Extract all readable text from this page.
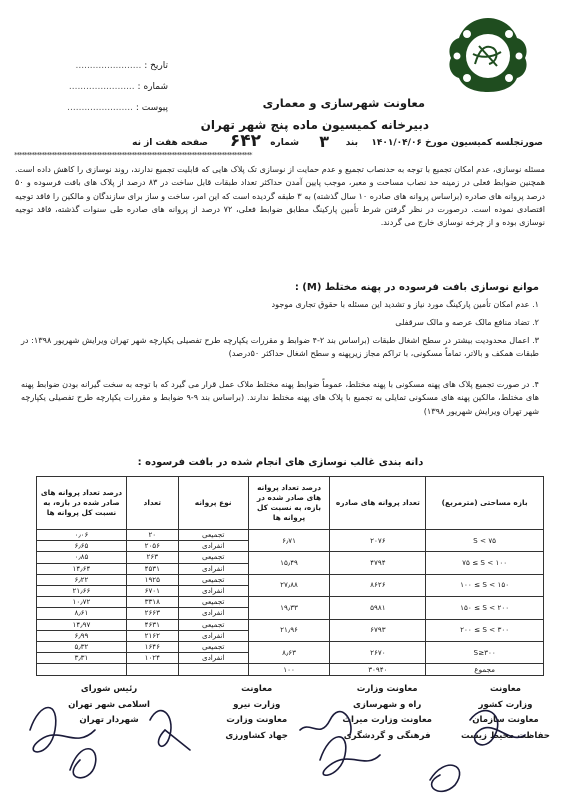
تاریخ : .......................
شماره : .......................
پیوست : .......................	معاونت شهرسازی و معماری
دبیرخانه کمیسیون ماده پنج شهر تهران
صورتجلسه کمیسیون مورخ ۱۴۰۱/۰۴/۰۶
بند
۳
شماره
۶۴۲
صفحه هفت از نه
***********************************************************************************************
مسئله نوسازی، عدم امکان تجمیع با توجه به حدنصاب تجمیع و عدم حمایت از نوسازی تک پلاک هایی که قابلیت تجمیع ندارند، روند نوسازی را کاهش داده است. همچنین ضوابط فعلی در زمینه حد نصاب مساحت و معبر، موجب پایین آمدن حداکثر تعداد طبقات قابل ساخت در ۸۳ درصد از پلاک های بافت فرسوده و ۵۰ درصد پروانه های صادره (براساس پروانه های صادره ۱۰ سال گذشته) به ۳ طبقه گردیده است که این امر، ساخت و ساز برای سازندگان و مالکین را فاقد توجیه اقتصادی نموده است. درصورت در نظر گرفتن شرط تأمین پارکینگ مطابق ضوابط فعلی، ۷۲ درصد از پروانه های صادره طی سنوات گذشته، فاقد توجیه نوسازی بوده و از چرخه نوسازی خارج می گردند.
موانع نوسازی بافت فرسوده در پهنه مختلط (M) :
۱. عدم امکان تأمین پارکینگ مورد نیاز و تشدید این مسئله با حقوق تجاری موجود
۲. تضاد منافع مالک عرصه و مالک سرقفلی
۳. اعمال محدودیت بیشتر در سطح اشغال طبقات (براساس بند ۲-۴ ضوابط و مقررات یکپارچه طرح تفصیلی یکپارچه شهر تهران ویرایش شهریور ۱۳۹۸: در طبقات همکف و بالاتر، تماماً مسکونی، با تراکم مجاز زیرپهنه و سطح اشغال حداکثر ۵۰درصد)
۴. در صورت تجمیع پلاک های پهنه مسکونی با پهنه مختلط، عموماً ضوابط پهنه مختلط ملاک عمل قرار می گیرد که با توجه به سخت گیرانه بودن ضوابط پهنه های مختلط، مالکین پهنه های مسکونی تمایلی به تجمیع با پلاک های پهنه مختلط ندارند. (براساس بند ۹-۹ ضوابط و مقررات یکپارچه طرح تفصیلی یکپارچه شهر تهران ویرایش شهریور ۱۳۹۸)
دانه بندی غالب نوسازی های انجام شده در بافت فرسوده :
بازه مساحتی (مترمربع)	تعداد پروانه های صادره	درصد تعداد پروانه های صادر شده در بازه، به نسبت کل پروانه ها	نوع پروانه	تعداد	درصد تعداد پروانه های صادر شده در بازه، به نسبت کل پروانه ها
S < ۷۵	۲۰۷۶	۶٫۷۱	تجمیعی	۲۰	۰٫۰۶
			انفرادی	۲۰۵۶	۶٫۶۵
۷۵ ≤ S < ۱۰۰	۴۷۹۴	۱۵٫۴۹	تجمیعی	۲۶۳	۰٫۸۵
			انفرادی	۴۵۳۱	۱۴٫۶۴
۱۰۰ ≤ S < ۱۵۰	۸۶۲۶	۲۷٫۸۸	تجمیعی	۱۹۲۵	۶٫۲۲
			انفرادی	۶۷۰۱	۲۱٫۶۶
۱۵۰ ≤ S < ۲۰۰	۵۹۸۱	۱۹٫۳۳	تجمیعی	۳۳۱۸	۱۰٫۷۲
			انفرادی	۲۶۶۳	۸٫۶۱
۲۰۰ ≤ S < ۳۰۰	۶۷۹۳	۲۱٫۹۶	تجمیعی	۴۶۳۱	۱۴٫۹۷
			انفرادی	۲۱۶۲	۶٫۹۹
S≥۳۰۰	۲۶۷۰	۸٫۶۳	تجمیعی	۱۶۴۶	۵٫۳۲
			انفرادی	۱۰۲۴	۳٫۳۱
مجموع	۳۰۹۴۰	۱۰۰			
معاونت
وزارت کشور
معاونت سازمان
حفاظت محیط زیست
معاونت وزارت
راه و شهرسازی
معاونت وزارت میراث
فرهنگی و گردشگری
معاونت
وزارت نیرو
معاونت وزارت
جهاد کشاورزی
رئیس شورای
اسلامی شهر تهران
شهردار تهران
